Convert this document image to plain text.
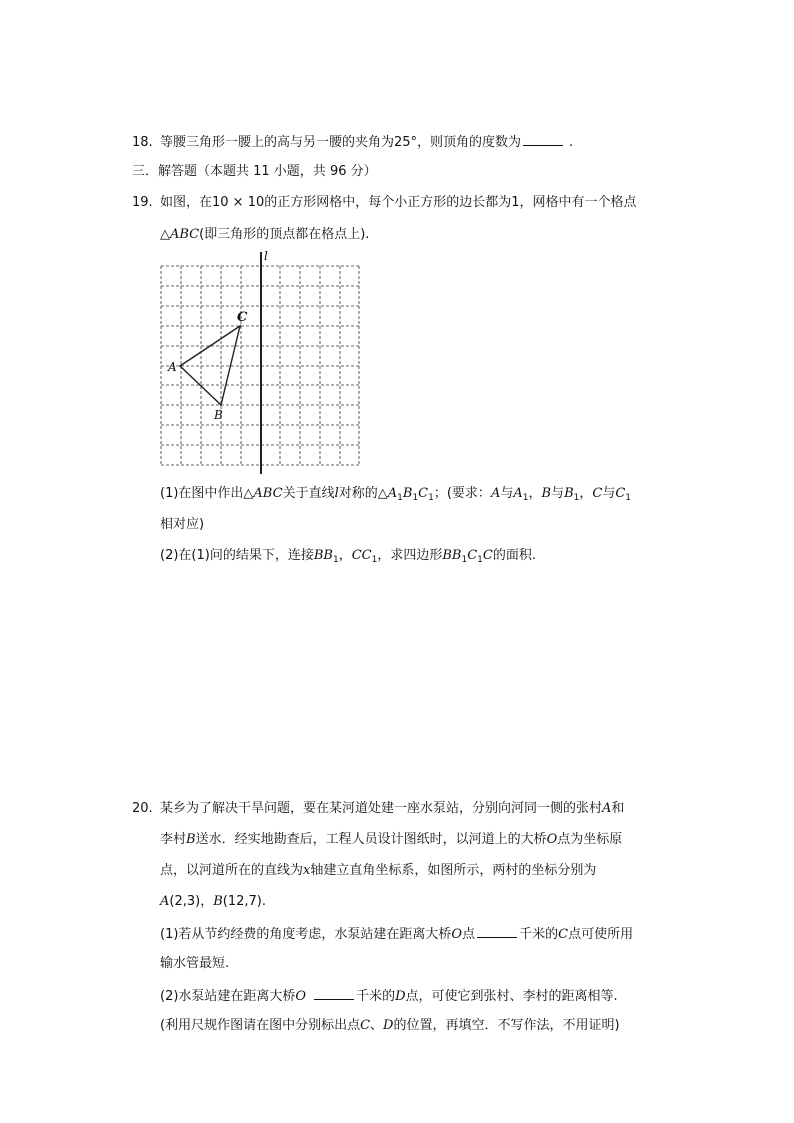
18. 等腰三角形一腰上的高与另一腰的夹角为25°，则顶角的度数为	.
三．解答题（本题共 11 小题，共 96 分）
19. 如图，在10 × 10的正方形网格中，每个小正方形的边长都为1，网格中有一个格点
△ABC(即三角形的顶点都在格点上).
l
A
B
C
(1)在图中作出△ABC关于直线l对称的$\triangle A_1B_1C_1$；(要求：A与$A_1$，B与$B_1$，C与$C_1$
相对应)
(2)在(1)问的结果下，连接$BB_1$，$CC_1$，求四边形$BB_1C_1C$的面积.
20. 某乡为了解决干旱问题，要在某河道处建一座水泵站，分别向河同一侧的张村A和
李村B送水．经实地勘查后，工程人员设计图纸时，以河道上的大桥O点为坐标原
点，以河道所在的直线为x轴建立直角坐标系，如图所示，两村的坐标分别为
A(2,3)，B(12,7).
(1)若从节约经费的角度考虑，水泵站建在距离大桥O点	千米的C点可使所用
输水管最短.
(2)水泵站建在距离大桥O	千米的D点，可使它到张村、李村的距离相等.
(利用尺规作图请在图中分别标出点C、D的位置，再填空．不写作法，不用证明)
